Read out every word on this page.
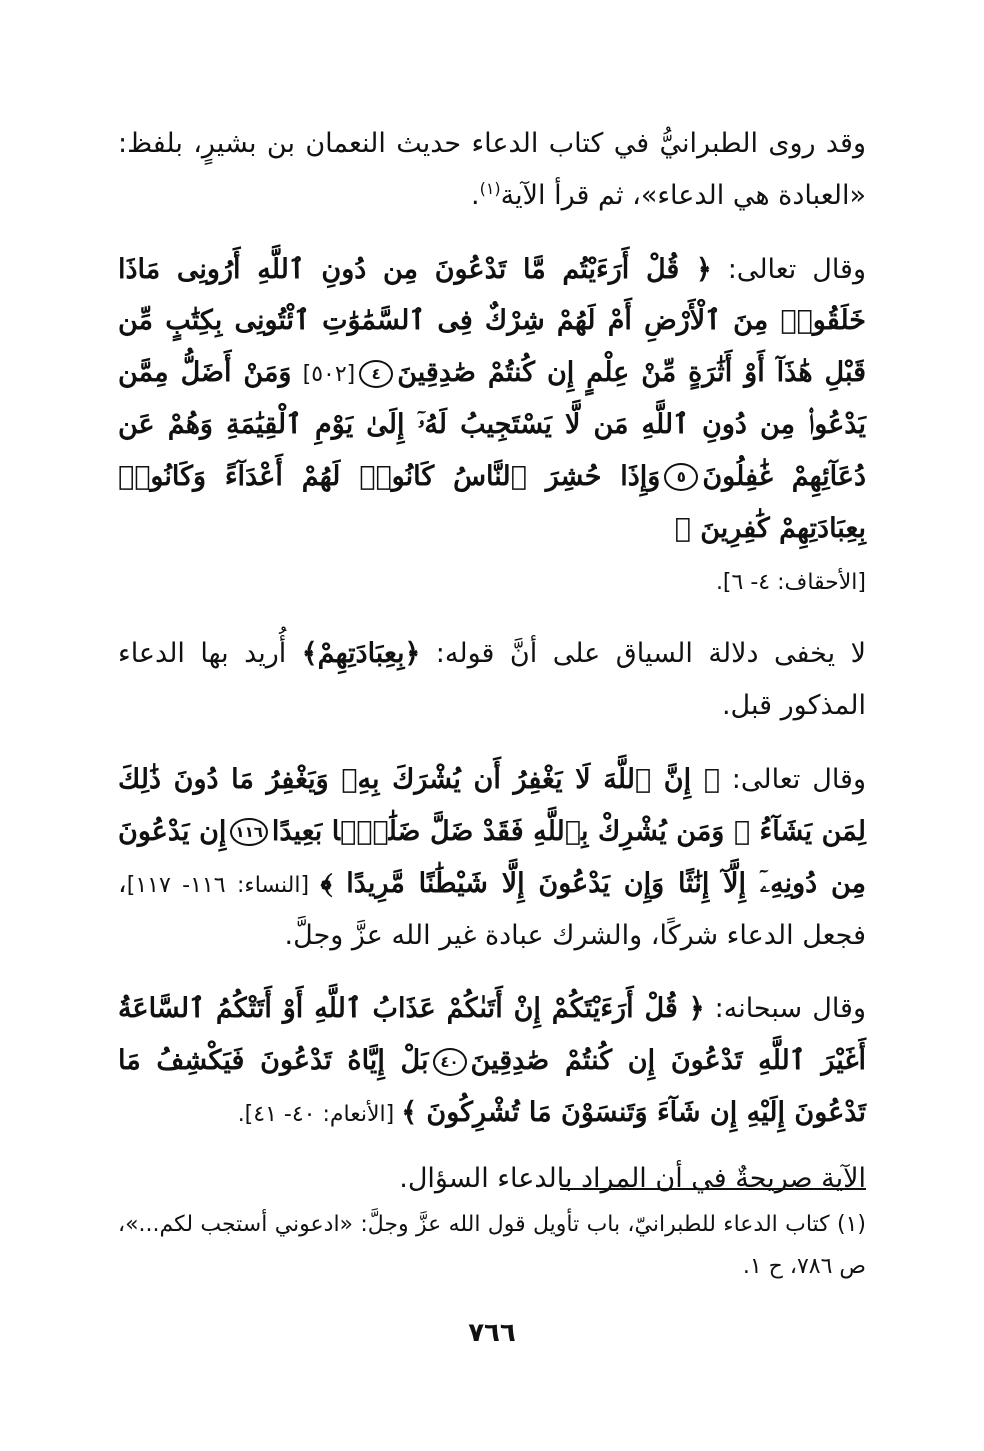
وقد روى الطبرانيُّ في كتاب الدعاء حديث النعمان بن بشيرٍ، بلفظ: «العبادة هي الدعاء»، ثم قرأ الآية$^{(١)}$.

وقال تعالى: ﴿ قُلْ أَرَءَيْتُم مَّا تَدْعُونَ مِن دُونِ ٱللَّهِ أَرُونِى مَاذَا خَلَقُوا۟ مِنَ ٱلْأَرْضِ أَمْ لَهُمْ شِرْكٌ فِى ٱلسَّمَٰوَٰتِ ٱئْتُونِى بِكِتَٰبٍ مِّن قَبْلِ هَٰذَآ أَوْ أَثَٰرَةٍ مِّنْ عِلْمٍ إِن كُنتُمْ صَٰدِقِينَ٤[٥٠٢] وَمَنْ أَضَلُّ مِمَّن يَدْعُوا۟ مِن دُونِ ٱللَّهِ مَن لَّا يَسْتَجِيبُ لَهُۥٓ إِلَىٰ يَوْمِ ٱلْقِيَٰمَةِ وَهُمْ عَن دُعَآئِهِمْ غَٰفِلُونَ٥وَإِذَا حُشِرَ ٱلنَّاسُ كَانُوا۟ لَهُمْ أَعْدَآءً وَكَانُوا۟ بِعِبَادَتِهِمْ كَٰفِرِينَ ﴾
[الأحقاف: ٤- ٦].

لا يخفى دلالة السياق على أنَّ قوله: ﴿بِعِبَادَتِهِمْ﴾ أُريد بها الدعاء المذكور قبل.

وقال تعالى: ﴿ إِنَّ ٱللَّهَ لَا يَغْفِرُ أَن يُشْرَكَ بِهِۦ وَيَغْفِرُ مَا دُونَ ذَٰلِكَ لِمَن يَشَآءُ ۚ وَمَن يُشْرِكْ بِٱللَّهِ فَقَدْ ضَلَّ ضَلَٰلًۢا بَعِيدًا١١٦إِن يَدْعُونَ مِن دُونِهِۦٓ إِلَّآ إِنَٰثًا وَإِن يَدْعُونَ إِلَّا شَيْطَٰنًا مَّرِيدًا ﴾ [النساء: ١١٦- ١١٧]، فجعل الدعاء شركًا، والشرك عبادة غير الله عزَّ وجلَّ.

وقال سبحانه: ﴿ قُلْ أَرَءَيْتَكُمْ إِنْ أَتَىٰكُمْ عَذَابُ ٱللَّهِ أَوْ أَتَتْكُمُ ٱلسَّاعَةُ أَغَيْرَ ٱللَّهِ تَدْعُونَ إِن كُنتُمْ صَٰدِقِينَ٤٠بَلْ إِيَّاهُ تَدْعُونَ فَيَكْشِفُ مَا تَدْعُونَ إِلَيْهِ إِن شَآءَ وَتَنسَوْنَ مَا تُشْرِكُونَ ﴾ [الأنعام: ٤٠- ٤١].

الآية صريحةٌ في أن المراد بالدعاء السؤال.

(١) كتاب الدعاء للطبرانيّ، باب تأويل قول الله عزَّ وجلَّ: «ادعوني أستجب لكم...»، ص ٧٨٦، ح ١.
٧٦٦
